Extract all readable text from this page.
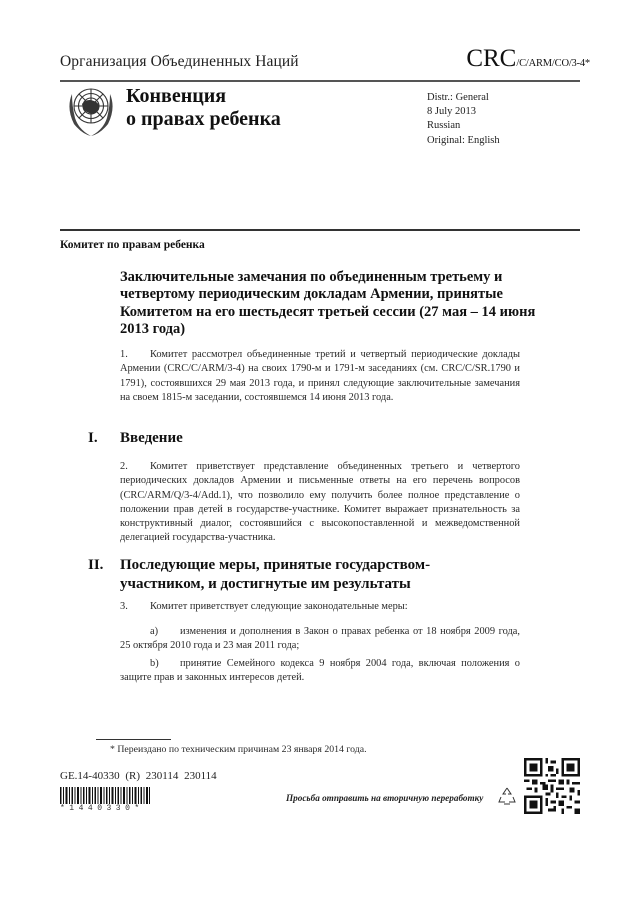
Организация Объединенных Наций	CRC/C/ARM/CO/3-4*
Конвенция
о правах ребенка
Distr.: General
8 July 2013
Russian
Original: English
Комитет по правам ребенка
Заключительные замечания по объединенным третьему и четвертому периодическим докладам Армении, принятые Комитетом на его шестьдесят третьей сессии (27 мая – 14 июня 2013 года)
1. Комитет рассмотрел объединенные третий и четвертый периодические доклады Армении (CRC/C/ARM/3-4) на своих 1790-м и 1791-м заседаниях (см. CRC/C/SR.1790 и 1791), состоявшихся 29 мая 2013 года, и принял следующие заключительные замечания на своем 1815-м заседании, состоявшемся 14 июня 2013 года.
I. Введение
2. Комитет приветствует представление объединенных третьего и четвертого периодических докладов Армении и письменные ответы на его перечень вопросов (CRC/ARM/Q/3-4/Add.1), что позволило ему получить более полное представление о положении прав детей в государстве-участнике. Комитет выражает признательность за конструктивный диалог, состоявшийся с высокопоставленной и межведомственной делегацией государства-участника.
II. Последующие меры, принятые государством-участником, и достигнутые им результаты
3. Комитет приветствует следующие законодательные меры:
a) изменения и дополнения в Закон о правах ребенка от 18 ноября 2009 года, 25 октября 2010 года и 23 мая 2011 года;
b) принятие Семейного кодекса 9 ноября 2004 года, включая положения о защите прав и законных интересов детей.
* Переиздано по техническим причинам 23 января 2014 года.
GE.14-40330 (R) 230114 230114
*1440330*
Просьба отправить на вторичную переработку
